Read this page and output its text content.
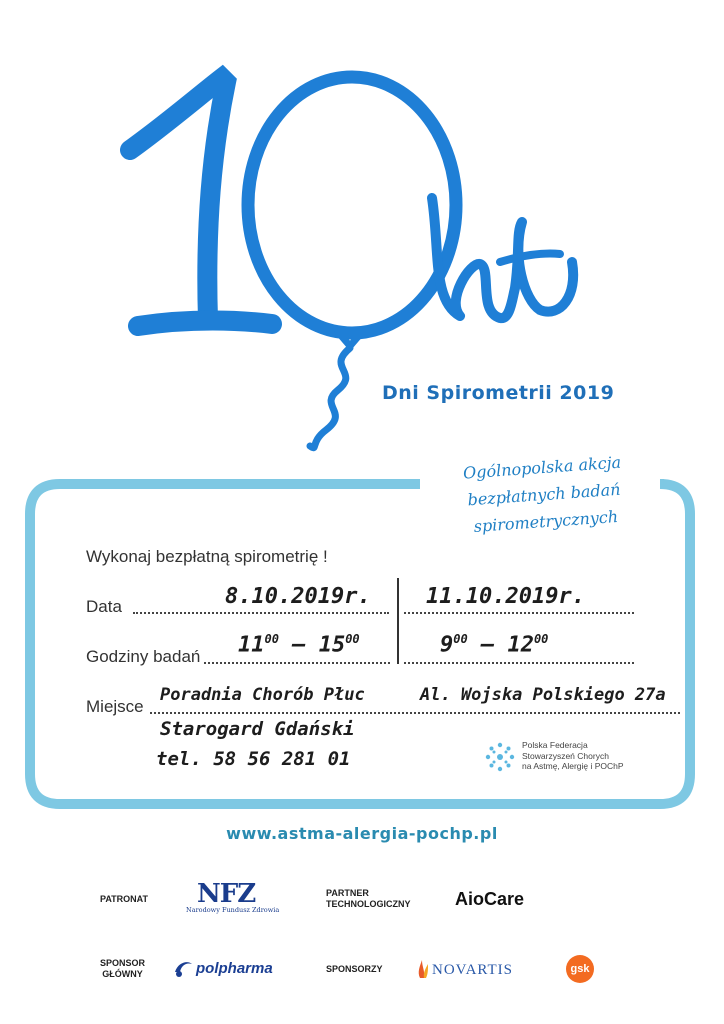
Dni Spirometrii 2019
Ogólnopolska akcja
bezpłatnych badań
spirometrycznych
Wykonaj bezpłatną spirometrię !
Data	8.10.2019r.	11.10.2019r.
Godziny badań $11^{00} - 15^{00}$	$9^{00} - 12^{00}$
Miejsce
Poradnia Chorób Płuc	Al. Wojska Polskiego 27a
Starogard Gdański
tel. 58 56 281 01
Polska Federacja
Stowarzyszeń Chorych
na Astmę, Alergię i POChP
www.astma-alergia-pochp.pl
PATRONAT NFZ
Narodowy Fundusz Zdrowia
PARTNER
TECHNOLOGICZNY AioCare
SPONSOR
GŁÓWNY	polpharma	SPONSORZY	NOVARTIS	gsk
